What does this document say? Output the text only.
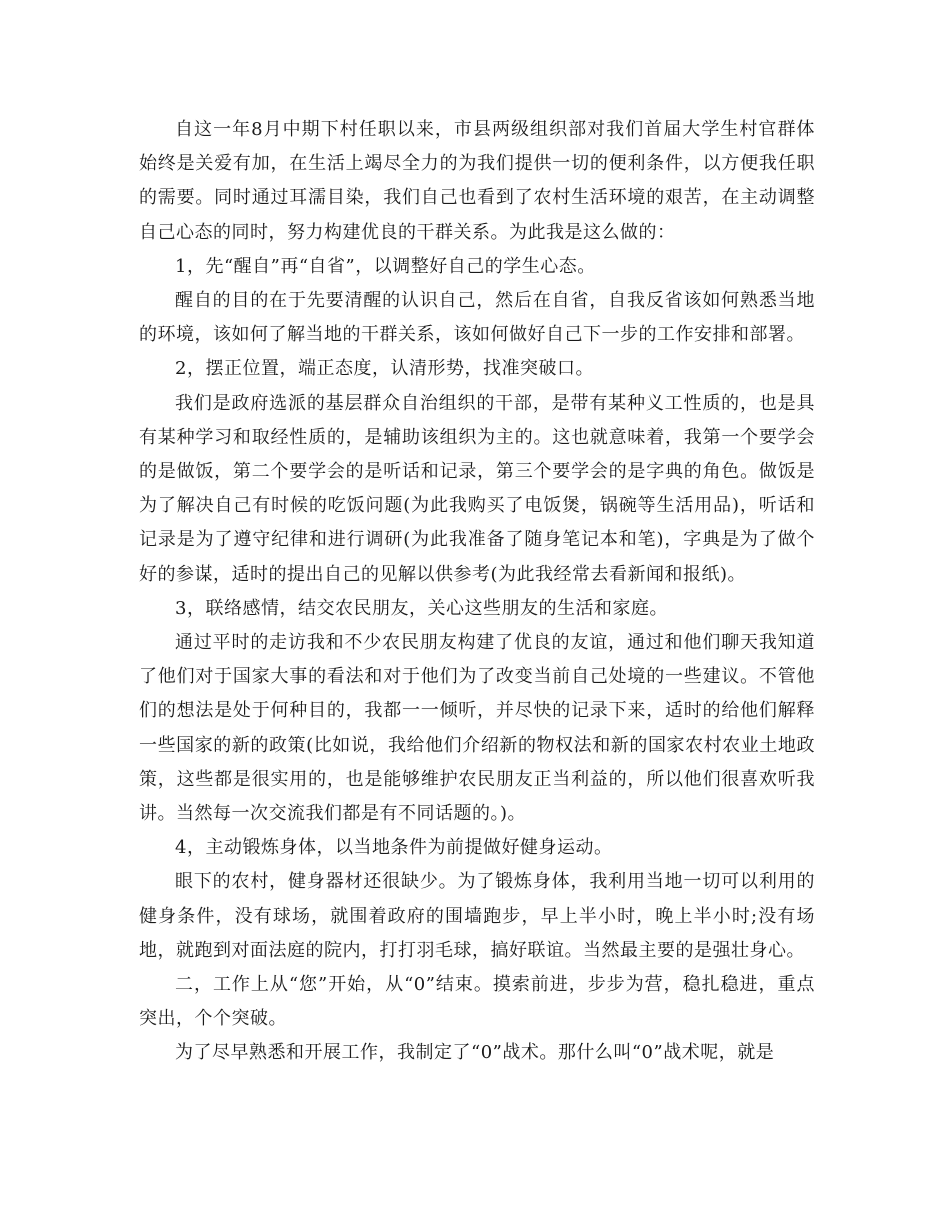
自这一年8月中期下村任职以来，市县两级组织部对我们首届大学生村官群体始终是关爱有加，在生活上竭尽全力的为我们提供一切的便利条件，以方便我任职的需要。同时通过耳濡目染，我们自己也看到了农村生活环境的艰苦，在主动调整自己心态的同时，努力构建优良的干群关系。为此我是这么做的：

1，先“醒自”再“自省”，以调整好自己的学生心态。

醒自的目的在于先要清醒的认识自己，然后在自省，自我反省该如何熟悉当地的环境，该如何了解当地的干群关系，该如何做好自己下一步的工作安排和部署。

2，摆正位置，端正态度，认清形势，找准突破口。

我们是政府选派的基层群众自治组织的干部，是带有某种义工性质的，也是具有某种学习和取经性质的，是辅助该组织为主的。这也就意味着，我第一个要学会的是做饭，第二个要学会的是听话和记录，第三个要学会的是字典的角色。做饭是为了解决自己有时候的吃饭问题(为此我购买了电饭煲，锅碗等生活用品)，听话和记录是为了遵守纪律和进行调研(为此我准备了随身笔记本和笔)，字典是为了做个好的参谋，适时的提出自己的见解以供参考(为此我经常去看新闻和报纸)。

3，联络感情，结交农民朋友，关心这些朋友的生活和家庭。

通过平时的走访我和不少农民朋友构建了优良的友谊，通过和他们聊天我知道了他们对于国家大事的看法和对于他们为了改变当前自己处境的一些建议。不管他们的想法是处于何种目的，我都一一倾听，并尽快的记录下来，适时的给他们解释一些国家的新的政策(比如说，我给他们介绍新的物权法和新的国家农村农业土地政策，这些都是很实用的，也是能够维护农民朋友正当利益的，所以他们很喜欢听我讲。当然每一次交流我们都是有不同话题的。)。

4，主动锻炼身体，以当地条件为前提做好健身运动。

眼下的农村，健身器材还很缺少。为了锻炼身体，我利用当地一切可以利用的健身条件，没有球场，就围着政府的围墙跑步，早上半小时，晚上半小时;没有场地，就跑到对面法庭的院内，打打羽毛球，搞好联谊。当然最主要的是强壮身心。

二，工作上从“您”开始，从“0”结束。摸索前进，步步为营，稳扎稳进，重点突出，个个突破。

为了尽早熟悉和开展工作，我制定了“0”战术。那什么叫“0”战术呢，就是
